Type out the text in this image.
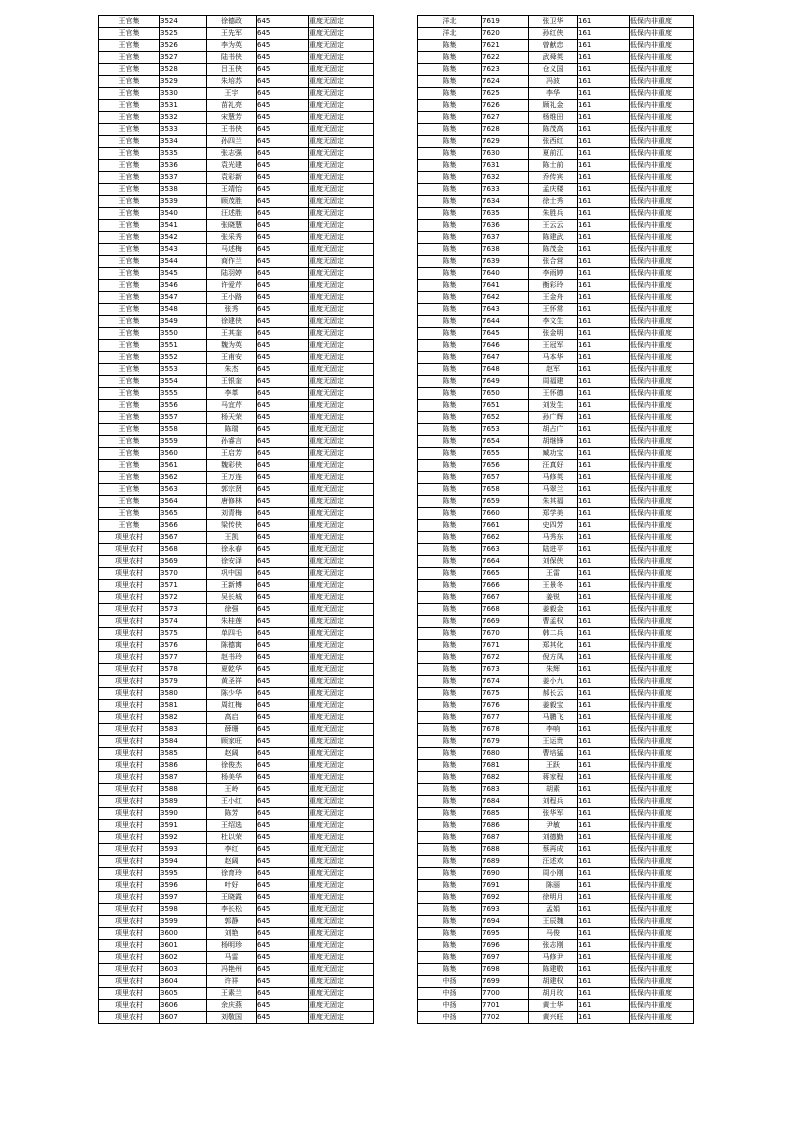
王官集	3524	徐德政	645	重度无固定
王官集	3525	王先军	645	重度无固定
王官集	3526	李为英	645	重度无固定
王官集	3527	陆书侠	645	重度无固定
王官集	3528	吕玉侠	645	重度无固定
王官集	3529	朱培苏	645	重度无固定
王官集	3530	王宇	645	重度无固定
王官集	3531	苗礼亮	645	重度无固定
王官集	3532	宋慧芳	645	重度无固定
王官集	3533	王书侠	645	重度无固定
王官集	3534	孙四兰	645	重度无固定
王官集	3535	张志强	645	重度无固定
王官集	3536	袁光建	645	重度无固定
王官集	3537	袁彩新	645	重度无固定
王官集	3538	王靖怡	645	重度无固定
王官集	3539	顾茂胜	645	重度无固定
王官集	3540	汪述胜	645	重度无固定
王官集	3541	张晓慧	645	重度无固定
王官集	3542	张采秀	645	重度无固定
王官集	3543	马述梅	645	重度无固定
王官集	3544	商作兰	645	重度无固定
王官集	3545	陆羽婷	645	重度无固定
王官集	3546	许爱芹	645	重度无固定
王官集	3547	王小路	645	重度无固定
王官集	3548	张秀	645	重度无固定
王官集	3549	徐建侠	645	重度无固定
王官集	3550	王其奎	645	重度无固定
王官集	3551	魏为英	645	重度无固定
王官集	3552	王甫安	645	重度无固定
王官集	3553	朱杰	645	重度无固定
王官集	3554	王银奎	645	重度无固定
王官集	3555	李革	645	重度无固定
王官集	3556	马宜芹	645	重度无固定
王官集	3557	杨天荣	645	重度无固定
王官集	3558	陈瑞	645	重度无固定
王官集	3559	孙睿言	645	重度无固定
王官集	3560	王启芳	645	重度无固定
王官集	3561	魏彩侠	645	重度无固定
王官集	3562	王万连	645	重度无固定
王官集	3563	郭宗贤	645	重度无固定
王官集	3564	唐修林	645	重度无固定
王官集	3565	刘青梅	645	重度无固定
王官集	3566	梁传侠	645	重度无固定
项里农村	3567	王凯	645	重度无固定
项里农村	3568	徐永春	645	重度无固定
项里农村	3569	徐安泽	645	重度无固定
项里农村	3570	巩中国	645	重度无固定
项里农村	3571	王新博	645	重度无固定
项里农村	3572	吴长城	645	重度无固定
项里农村	3573	徐强	645	重度无固定
项里农村	3574	朱桂莲	645	重度无固定
项里农村	3575	单四毛	645	重度无固定
项里农村	3576	陈德寓	645	重度无固定
项里农村	3577	赵书玲	645	重度无固定
项里农村	3578	夏乾华	645	重度无固定
项里农村	3579	黄圣祥	645	重度无固定
项里农村	3580	陈少华	645	重度无固定
项里农村	3581	周红梅	645	重度无固定
项里农村	3582	高启	645	重度无固定
项里农村	3583	薛珊	645	重度无固定
项里农村	3584	顾家旺	645	重度无固定
项里农村	3585	赵阔	645	重度无固定
项里农村	3586	徐俊杰	645	重度无固定
项里农村	3587	杨美华	645	重度无固定
项里农村	3588	王岭	645	重度无固定
项里农村	3589	王小红	645	重度无固定
项里农村	3590	陈芳	645	重度无固定
项里农村	3591	王绍选	645	重度无固定
项里农村	3592	杜以荣	645	重度无固定
项里农村	3593	李红	645	重度无固定
项里农村	3594	赵阔	645	重度无固定
项里农村	3595	徐育玲	645	重度无固定
项里农村	3596	叶好	645	重度无固定
项里农村	3597	王晓霞	645	重度无固定
项里农村	3598	李长松	645	重度无固定
项里农村	3599	郭静	645	重度无固定
项里农村	3600	刘艳	645	重度无固定
项里农村	3601	杨明珍	645	重度无固定
项里农村	3602	马雷	645	重度无固定
项里农村	3603	冯艳州	645	重度无固定
项里农村	3604	许祥	645	重度无固定
项里农村	3605	王素兰	645	重度无固定
项里农村	3606	余庆燕	645	重度无固定
项里农村	3607	刘敬国	645	重度无固定
洋北	7619	张卫华	161	低保内非重度
洋北	7620	孙红侠	161	低保内非重度
陈集	7621	曾献忠	161	低保内非重度
陈集	7622	武舜英	161	低保内非重度
陈集	7623	仓义国	161	低保内非重度
陈集	7624	冯波	161	低保内非重度
陈集	7625	李华	161	低保内非重度
陈集	7626	顾礼金	161	低保内非重度
陈集	7627	杨维田	161	低保内非重度
陈集	7628	陈茂高	161	低保内非重度
陈集	7629	张西红	161	低保内非重度
陈集	7630	夏前江	161	低保内非重度
陈集	7631	陈士前	161	低保内非重度
陈集	7632	乔传宾	161	低保内非重度
陈集	7633	孟庆楼	161	低保内非重度
陈集	7634	徐士秀	161	低保内非重度
陈集	7635	朱胜兵	161	低保内非重度
陈集	7636	王云云	161	低保内非重度
陈集	7637	陈建武	161	低保内非重度
陈集	7638	陈茂金	161	低保内非重度
陈集	7639	张合营	161	低保内非重度
陈集	7640	李雨婷	161	低保内非重度
陈集	7641	衡彩玲	161	低保内非重度
陈集	7642	王金舟	161	低保内非重度
陈集	7643	王怀常	161	低保内非重度
陈集	7644	李文生	161	低保内非重度
陈集	7645	张金明	161	低保内非重度
陈集	7646	王冠军	161	低保内非重度
陈集	7647	马本华	161	低保内非重度
陈集	7648	赵军	161	低保内非重度
陈集	7649	周福建	161	低保内非重度
陈集	7650	王怀德	161	低保内非重度
陈集	7651	刘发生	161	低保内非重度
陈集	7652	孙广辉	161	低保内非重度
陈集	7653	胡占广	161	低保内非重度
陈集	7654	胡继锋	161	低保内非重度
陈集	7655	臧功宝	161	低保内非重度
陈集	7656	汪真好	161	低保内非重度
陈集	7657	马修英	161	低保内非重度
陈集	7658	马翠兰	161	低保内非重度
陈集	7659	朱其福	161	低保内非重度
陈集	7660	郑学美	161	低保内非重度
陈集	7661	史四芳	161	低保内非重度
陈集	7662	马秀东	161	低保内非重度
陈集	7663	陆进平	161	低保内非重度
陈集	7664	刘保侠	161	低保内非重度
陈集	7665	王雷	161	低保内非重度
陈集	7666	王景冬	161	低保内非重度
陈集	7667	姜锐	161	低保内非重度
陈集	7668	姜毅金	161	低保内非重度
陈集	7669	曹孟权	161	低保内非重度
陈集	7670	韩二兵	161	低保内非重度
陈集	7671	郑其化	161	低保内非重度
陈集	7672	倪方凤	161	低保内非重度
陈集	7673	朱辉	161	低保内非重度
陈集	7674	姜小九	161	低保内非重度
陈集	7675	郝长云	161	低保内非重度
陈集	7676	姜毅宝	161	低保内非重度
陈集	7677	马鹏飞	161	低保内非重度
陈集	7678	李响	161	低保内非重度
陈集	7679	王运贵	161	低保内非重度
陈集	7680	曹培猛	161	低保内非重度
陈集	7681	王跃	161	低保内非重度
陈集	7682	蒋家程	161	低保内非重度
陈集	7683	胡素	161	低保内非重度
陈集	7684	刘程兵	161	低保内非重度
陈集	7685	张华军	161	低保内非重度
陈集	7686	尹敏	161	低保内非重度
陈集	7687	刘德勤	161	低保内非重度
陈集	7688	蔡再成	161	低保内非重度
陈集	7689	汪述欢	161	低保内非重度
陈集	7690	周小刚	161	低保内非重度
陈集	7691	陈丽	161	低保内非重度
陈集	7692	徐明月	161	低保内非重度
陈集	7693	孟娟	161	低保内非重度
陈集	7694	王辰魏	161	低保内非重度
陈集	7695	马俊	161	低保内非重度
陈集	7696	张志刚	161	低保内非重度
陈集	7697	马修尹	161	低保内非重度
陈集	7698	陈建敬	161	低保内非重度
中扬	7699	胡建权	161	低保内非重度
中扬	7700	胡月玫	161	低保内非重度
中扬	7701	黄士华	161	低保内非重度
中扬	7702	黄兴旺	161	低保内非重度
